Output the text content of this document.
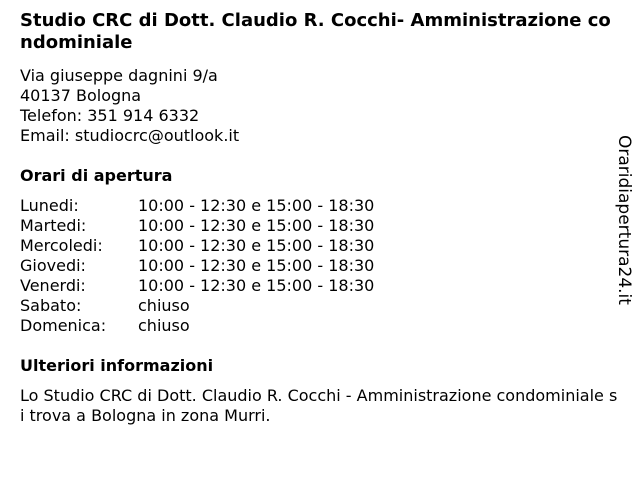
Studio CRC di Dott. Claudio R. Cocchi- Amministrazione condominiale
Via giuseppe dagnini 9/a
40137 Bologna
Telefon: 351 914 6332
Email: studiocrc@outlook.it
Orari di apertura
Lunedi:	10:00 - 12:30 e 15:00 - 18:30
Martedi:	10:00 - 12:30 e 15:00 - 18:30
Mercoledi:	10:00 - 12:30 e 15:00 - 18:30
Giovedi:	10:00 - 12:30 e 15:00 - 18:30
Venerdi:	10:00 - 12:30 e 15:00 - 18:30
Sabato:	chiuso
Domenica:	chiuso
Ulteriori informazioni
Lo Studio CRC di Dott. Claudio R. Cocchi - Amministrazione condominiale si trova a Bologna in zona Murri.
Oraridiapertura24.it
